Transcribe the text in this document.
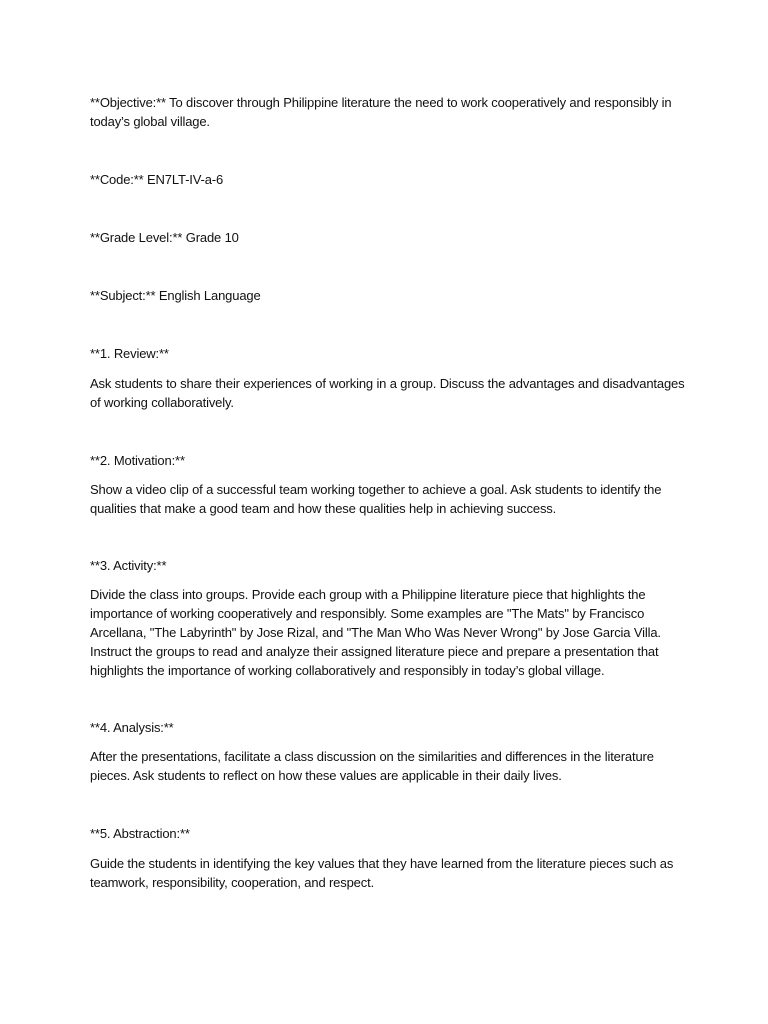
**Objective:** To discover through Philippine literature the need to work cooperatively and responsibly in today’s global village.

**Code:** EN7LT-IV-a-6

**Grade Level:** Grade 10

**Subject:** English Language

**1. Review:**

Ask students to share their experiences of working in a group. Discuss the advantages and disadvantages of working collaboratively.

**2. Motivation:**

Show a video clip of a successful team working together to achieve a goal. Ask students to identify the qualities that make a good team and how these qualities help in achieving success.

**3. Activity:**

Divide the class into groups. Provide each group with a Philippine literature piece that highlights the importance of working cooperatively and responsibly. Some examples are "The Mats" by Francisco Arcellana, "The Labyrinth" by Jose Rizal, and "The Man Who Was Never Wrong" by Jose Garcia Villa. Instruct the groups to read and analyze their assigned literature piece and prepare a presentation that highlights the importance of working collaboratively and responsibly in today’s global village.

**4. Analysis:**

After the presentations, facilitate a class discussion on the similarities and differences in the literature pieces. Ask students to reflect on how these values are applicable in their daily lives.

**5. Abstraction:**

Guide the students in identifying the key values that they have learned from the literature pieces such as teamwork, responsibility, cooperation, and respect.
